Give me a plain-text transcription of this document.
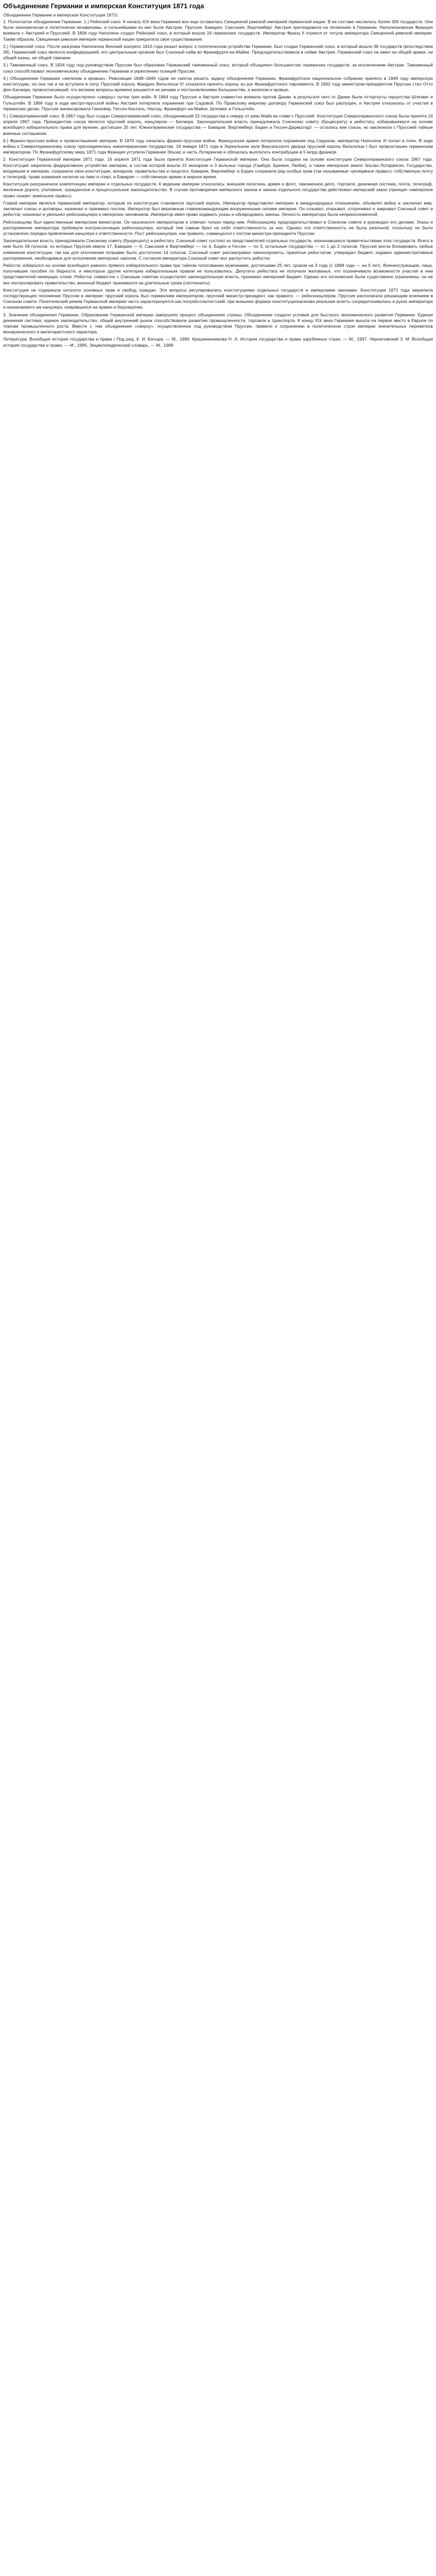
Объединение Германии и имперская Конституция 1871 года
Объединение Германии и имперская Конституция 1871г.

1. Полосчатое объединение Германии. 1.) Рейнский союз. К началу XIX века Германия все еще оставалась Священной римской империей германской нации. В ее составе числилось более 300 государств. Они были экономически и политически независимы, и сильнейшими из них были Австрия, Пруссия, Бавария, Саксония, Вюртемберг. Австрия претендовала на гегемонию в Германии. Наполеоновская Франция воевала с Австрией и Пруссией. В 1806 году Наполеон создал Рейнский союз, в который вошли 16 германских государств. Император Франц II отрекся от титула императора Священной римской империи. Таким образом, Священная римская империя германской нации прекратила свое существование.

2.) Германский союз. После разгрома Наполеона Венский конгресс 1815 года решил вопрос о политическом устройстве Германии. Был создан Германский союз, в который вошли 38 государств (впоследствии 39). Германский союз являлся конфедерацией, его центральным органом был Союзный сейм во Франкфурте-на-Майне. Председательствовала в сейме Австрия. Германский союз не имел ни общей армии, ни общей казны, ни общей таможни.

3.) Таможенный союз. В 1834 году под руководством Пруссии был образован Германский таможенный союз, который объединил большинство германских государств, за исключением Австрии. Таможенный союз способствовал экономическому объединению Германии и укреплению позиций Пруссии.

4.) Объединение Германии «железом и кровью». Революция 1848–1849 годов не смогла решить задачу объединения Германии. Франкфуртское национальное собрание приняло в 1849 году имперскую конституцию, но она так и не вступила в силу. Прусский король Фридрих Вильгельм IV отказался принять корону из рук Франкфуртского парламента. В 1862 году министром-президентом Пруссии стал Отто фон Бисмарк, провозгласивший, что великие вопросы времени решаются не речами и постановлениями большинства, а железом и кровью.

Объединение Германии было осуществлено «сверху» путем трех войн. В 1864 году Пруссия и Австрия совместно воевали против Дании, в результате чего от Дании были отторгнуты герцогства Шлезвиг и Гольштейн. В 1866 году в ходе австро-прусской войны Австрия потерпела поражение при Садовой. По Пражскому мирному договору Германский союз был распущен, и Австрия отказалась от участия в германских делах. Пруссия аннексировала Ганновер, Гессен-Кассель, Нассау, Франкфурт-на-Майне, Шлезвиг и Гольштейн.

5.) Северогерманский союз. В 1867 году был создан Северогерманский союз, объединивший 22 государства к северу от реки Майн во главе с Пруссией. Конституция Северогерманского союза была принята 16 апреля 1867 года. Президентом союза являлся прусский король, канцлером — Бисмарк. Законодательная власть принадлежала Союзному совету (бундесрату) и рейхстагу, избиравшемуся на основе всеобщего избирательного права для мужчин, достигших 25 лет. Южногерманские государства — Бавария, Вюртемберг, Баден и Гессен-Дармштадт — остались вне союза, но заключили с Пруссией тайные военные соглашения.

6.) Франко-прусская война и провозглашение империи. В 1870 году началась франко-прусская война. Французская армия потерпела поражение под Седаном, император Наполеон III попал в плен. В ходе войны к Северогерманскому союзу присоединились южногерманские государства. 18 января 1871 года в Зеркальном зале Версальского дворца прусский король Вильгельм I был провозглашен германским императором. По Франкфуртскому миру 1871 года Франция уступила Германии Эльзас и часть Лотарингии и обязалась выплатить контрибуцию в 5 млрд франков.

2. Конституция Германской империи 1871 года. 16 апреля 1871 года была принята Конституция Германской империи. Она была создана на основе конституции Северогерманского союза 1867 года. Конституция закрепила федеративное устройство империи, в состав которой вошли 22 монархии и 3 вольных города (Гамбург, Бремен, Любек), а также имперская земля Эльзас-Лотарингия. Государства, входившие в империю, сохранили свои конституции, монархов, правительства и ландтаги. Бавария, Вюртемберг и Баден сохранили ряд особых прав (так называемые «резервные права»): собственную почту и телеграф, право взимания налогов на пиво и спирт, а Бавария — собственную армию в мирное время.

Конституция разграничила компетенцию империи и отдельных государств. К ведению империи относились: внешняя политика, армия и флот, таможенное дело, торговля, денежная система, почта, телеграф, железные дороги, уголовное, гражданское и процессуальное законодательство. В случае противоречия имперского закона и закона отдельного государства действовал имперский закон (принцип «имперское право ломает земельное право»).

Главой империи являлся германский император, которым по конституции становился прусский король. Император представлял империю в международных отношениях, объявлял войну и заключал мир, заключал союзы и договоры, назначал и принимал послов. Император был верховным главнокомандующим вооруженными силами империи. Он созывал, открывал, отсрочивал и закрывал Союзный совет и рейхстаг, назначал и увольнял рейхсканцлера и имперских чиновников. Император имел право издавать указы и обнародовать законы. Личность императора была неприкосновенной.

Рейхсканцлер был единственным имперским министром. Он назначался императором и отвечал только перед ним. Рейхсканцлер председательствовал в Союзном совете и руководил его делами. Указы и распоряжения императора требовали контрассигнации рейхсканцлера, который тем самым брал на себя ответственность за них. Однако эта ответственность не была реальной, поскольку не было установлено порядка привлечения канцлера к ответственности. Пост рейхсканцлера, как правило, совмещался с постом министра-президента Пруссии.

Законодательная власть принадлежала Союзному совету (бундесрату) и рейхстагу. Союзный совет состоял из представителей отдельных государств, назначавшихся правительствами этих государств. Всего в нем было 58 голосов, из которых Пруссия имела 17, Бавария — 6, Саксония и Вюртемберг — по 4, Баден и Гессен — по 3, остальные государства — от 1 до 2 голосов. Пруссия могла блокировать любые изменения конституции, так как для отклонения поправки было достаточно 14 голосов. Союзный совет рассматривал законопроекты, принятые рейхстагом, утверждал бюджет, издавал административные распоряжения, необходимые для исполнения имперских законов. С согласия императора Союзный совет мог распустить рейхстаг.

Рейхстаг избирался на основе всеобщего равного прямого избирательного права при тайном голосовании мужчинами, достигшими 25 лет, сроком на 3 года (с 1888 года — на 5 лет). Военнослужащие, лица, получавшие пособия по бедности, и некоторые другие категории избирательным правом не пользовались. Депутаты рейхстага не получали жалованья, что ограничивало возможности участия в нем представителей неимущих слоев. Рейхстаг совместно с Союзным советом осуществлял законодательную власть, принимал имперский бюджет. Однако его полномочия были существенно ограничены: он не мог контролировать правительство, военный бюджет принимался на длительные сроки (септеннаты).

Конституция не содержала каталога основных прав и свобод граждан. Эти вопросы регулировались конституциями отдельных государств и имперскими законами. Конституция 1871 года закрепила господствующее положение Пруссии в империи: прусский король был германским императором, прусский министр-президент, как правило, — рейхсканцлером, Пруссия располагала решающим влиянием в Союзном совете. Политический режим Германской империи часто характеризуется как полуабсолютистский: при внешних формах конституционализма реальная власть сосредоточивалась в руках императора и назначаемого им канцлера, опиравшихся на армию и бюрократию.

3. Значение объединения Германии. Образование Германской империи завершило процесс объединения страны. Объединение создало условия для быстрого экономического развития Германии. Единая денежная система, единое законодательство, общий внутренний рынок способствовали развитию промышленности, торговли и транспорта. К концу XIX века Германия вышла на первое место в Европе по темпам промышленного роста. Вместе с тем объединение «сверху», осуществленное под руководством Пруссии, привело к сохранению в политическом строе империи значительных пережитков монархического и милитаристского характера.

Литература: Всеобщая история государства и права / Под ред. К. И. Батыра. — М., 1996. Крашенинникова Н. А. История государства и права зарубежных стран. — М., 1997. Черниловский З. М. Всеобщая история государства и права. — М., 1995. Энциклопедический словарь. — М., 1989.
